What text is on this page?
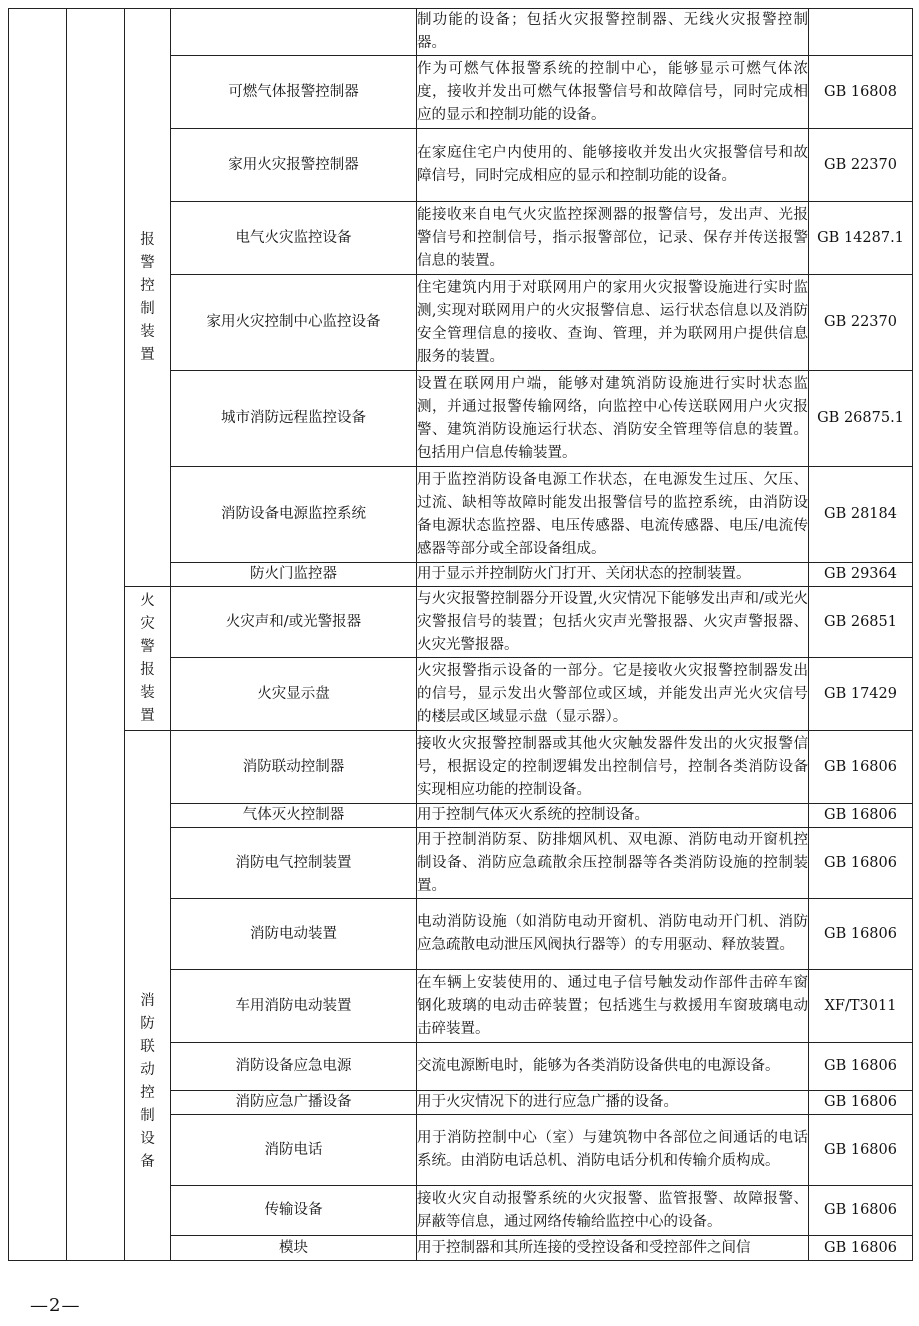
		报警控制装置		制功能的设备；包括火灾报警控制器、无线火灾报警控制器。	
			可燃气体报警控制器	作为可燃气体报警系统的控制中心，能够显示可燃气体浓度，接收并发出可燃气体报警信号和故障信号，同时完成相应的显示和控制功能的设备。	GB 16808
			家用火灾报警控制器	在家庭住宅户内使用的、能够接收并发出火灾报警信号和故障信号，同时完成相应的显示和控制功能的设备。	GB 22370
			电气火灾监控设备	能接收来自电气火灾监控探测器的报警信号，发出声、光报警信号和控制信号，指示报警部位，记录、保存并传送报警信息的装置。	GB 14287.1
			家用火灾控制中心监控设备	住宅建筑内用于对联网用户的家用火灾报警设施进行实时监测,实现对联网用户的火灾报警信息、运行状态信息以及消防安全管理信息的接收、查询、管理，并为联网用户提供信息服务的装置。	GB 22370
			城市消防远程监控设备	设置在联网用户端，能够对建筑消防设施进行实时状态监测，并通过报警传输网络，向监控中心传送联网用户火灾报警、建筑消防设施运行状态、消防安全管理等信息的装置。包括用户信息传输装置。	GB 26875.1
			消防设备电源监控系统	用于监控消防设备电源工作状态，在电源发生过压、欠压、过流、缺相等故障时能发出报警信号的监控系统，由消防设备电源状态监控器、电压传感器、电流传感器、电压/电流传感器等部分或全部设备组成。	GB 28184
			防火门监控器	用于显示并控制防火门打开、关闭状态的控制装置。	GB 29364

		火灾警报装置	火灾声和/或光警报器	与火灾报警控制器分开设置,火灾情况下能够发出声和/或光火灾警报信号的装置；包括火灾声光警报器、火灾声警报器、火灾光警报器。	GB 26851
			火灾显示盘	火灾报警指示设备的一部分。它是接收火灾报警控制器发出的信号，显示发出火警部位或区域，并能发出声光火灾信号的楼层或区域显示盘（显示器）。	GB 17429

		消防联动控制设备	消防联动控制器	接收火灾报警控制器或其他火灾触发器件发出的火灾报警信号，根据设定的控制逻辑发出控制信号，控制各类消防设备实现相应功能的控制设备。	GB 16806
			气体灭火控制器	用于控制气体灭火系统的控制设备。	GB 16806
			消防电气控制装置	用于控制消防泵、防排烟风机、双电源、消防电动开窗机控制设备、消防应急疏散余压控制器等各类消防设施的控制装置。	GB 16806
			消防电动装置	电动消防设施（如消防电动开窗机、消防电动开门机、消防应急疏散电动泄压风阀执行器等）的专用驱动、释放装置。	GB 16806
			车用消防电动装置	在车辆上安装使用的、通过电子信号触发动作部件击碎车窗钢化玻璃的电动击碎装置；包括逃生与救援用车窗玻璃电动击碎装置。	XF/T3011
			消防设备应急电源	交流电源断电时，能够为各类消防设备供电的电源设备。	GB 16806
			消防应急广播设备	用于火灾情况下的进行应急广播的设备。	GB 16806
			消防电话	用于消防控制中心（室）与建筑物中各部位之间通话的电话系统。由消防电话总机、消防电话分机和传输介质构成。	GB 16806
			传输设备	接收火灾自动报警系统的火灾报警、监管报警、故障报警、屏蔽等信息，通过网络传输给监控中心的设备。	GB 16806
			模块	用于控制器和其所连接的受控设备和受控部件之间信	GB 16806
—2—
